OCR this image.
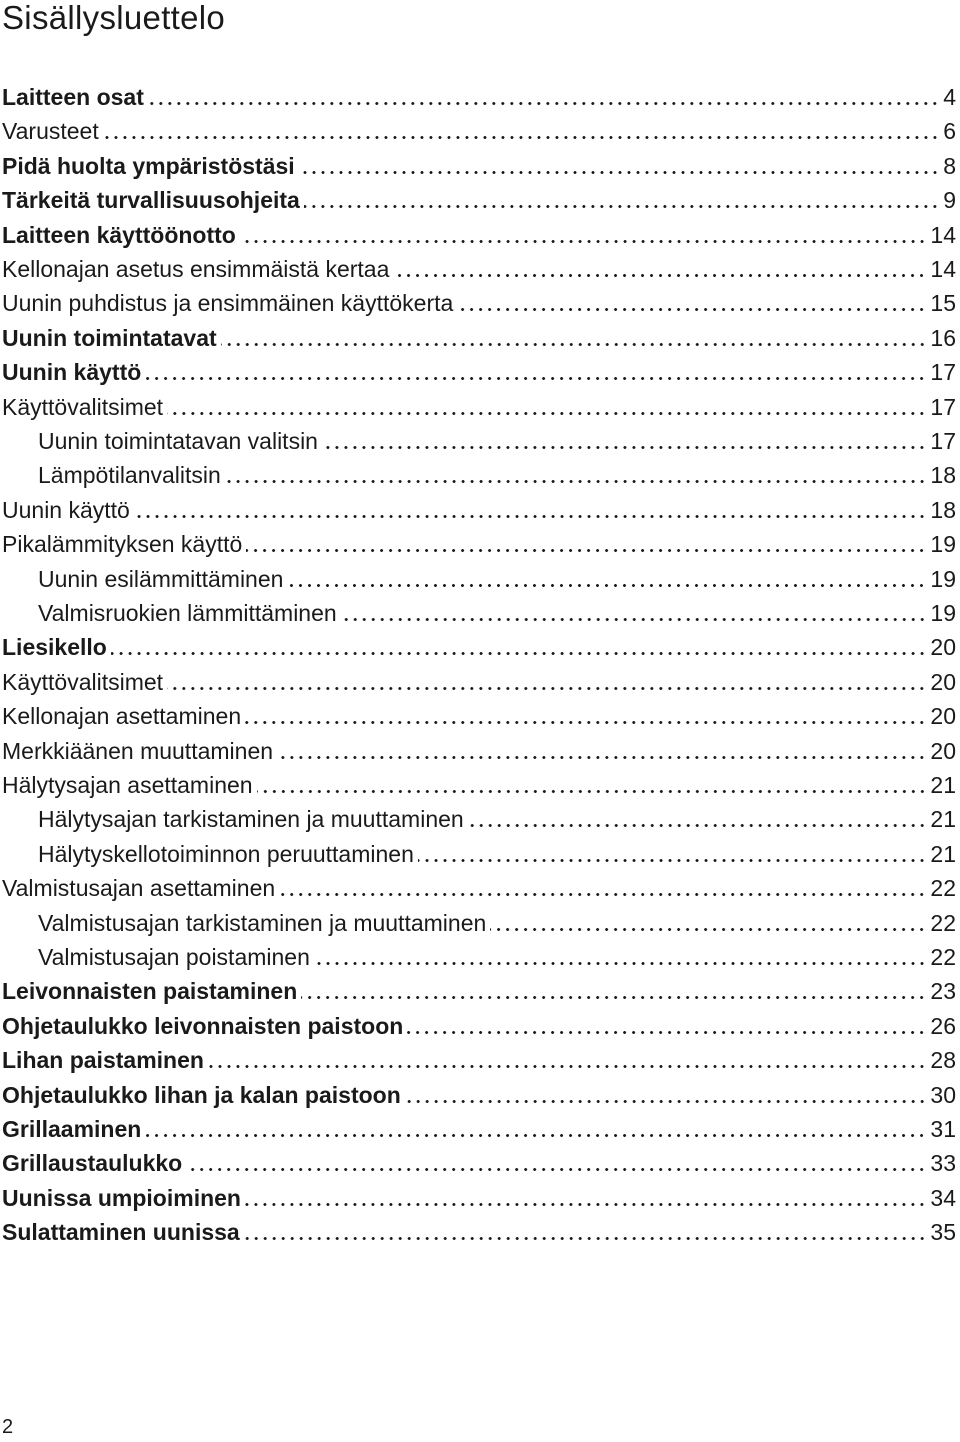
Sisällysluettelo
Laitteen osat	4
Varusteet	6
Pidä huolta ympäristöstäsi	8
Tärkeitä turvallisuusohjeita	9
Laitteen käyttöönotto	14
Kellonajan asetus ensimmäistä kertaa	14
Uunin puhdistus ja ensimmäinen käyttökerta	15
Uunin toimintatavat	16
Uunin käyttö	17
Käyttövalitsimet	17
Uunin toimintatavan valitsin	17
Lämpötilanvalitsin	18
Uunin käyttö	18
Pikalämmityksen käyttö	19
Uunin esilämmittäminen	19
Valmisruokien lämmittäminen	19
Liesikello	20
Käyttövalitsimet	20
Kellonajan asettaminen	20
Merkkiäänen muuttaminen	20
Hälytysajan asettaminen	21
Hälytysajan tarkistaminen ja muuttaminen	21
Hälytyskellotoiminnon peruuttaminen	21
Valmistusajan asettaminen	22
Valmistusajan tarkistaminen ja muuttaminen	22
Valmistusajan poistaminen	22
Leivonnaisten paistaminen	23
Ohjetaulukko leivonnaisten paistoon	26
Lihan paistaminen	28
Ohjetaulukko lihan ja kalan paistoon	30
Grillaaminen	31
Grillaustaulukko	33
Uunissa umpioiminen	34
Sulattaminen uunissa	35
2
